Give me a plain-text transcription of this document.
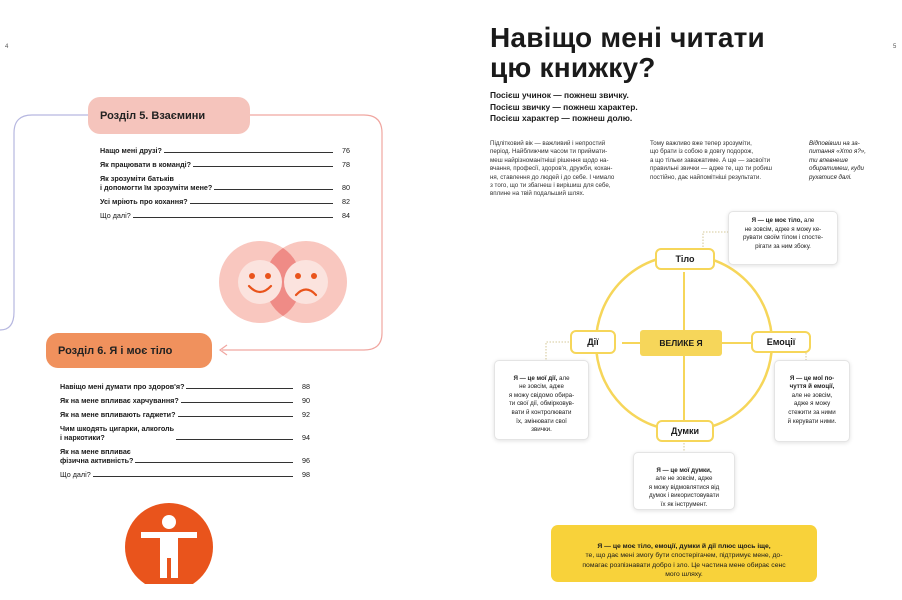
4
Розділ 5. Взаємини
Нащо мені друзі?	76
Як працювати в команді?	78
Як зрозуміти батьків
і допомогти їм зрозуміти мене?	80
Усі мріють про кохання?	82
Що далі?	84
Розділ 6. Я і моє тіло
Навіщо мені думати про здоров'я?	88
Як на мене впливає харчування?	90
Як на мене впливають гаджети?	92
Чим шкодять цигарки, алкоголь
і наркотики?	94
Як на мене впливає
фізична активність?	96
Що далі?	98
5
Навіщо мені читати
цю книжку?
Посієш учинок — пожнеш звичку.
Посієш звичку — пожнеш характер.
Посієш характер — пожнеш долю.
Підлітковий вік — важливий і непростий
період. Найближчим часом ти приймати-
меш найрізноманітніші рішення щодо на-
вчання, професії, здоров'я, дружби, кохан-
ня, ставлення до людей і до себе. І чимало
з того, що ти збагнеш і вирішиш для себе,
вплине на твій подальший шлях.
Тому важливо вже тепер зрозуміти,
що брати із собою в довгу подорож,
а що тільки заважатиме. А ще — засвоїти
правильні звички — адже те, що ти робиш
постійно, дає найпомітніші результати.
Відповівши на за-
питання «Хто я?»,
ти впевнеше
обиратимеш, куди
рухатися далі.
Тіло
Дії	Емоції
Думки
ВЕЛИКЕ Я
Я — це моє тіло, але
не зовсім, адже я можу ке-
рувати своїм тілом і спосте-
рігати за ним збоку.

Я — це мої дії, але
не зовсім, адже
я можу свідомо обира-
ти свої дії, обмірковув-
вати й контролювати
їх, змінювати свої
звички.

Я — це мої по-
чуття й емоції,
але не зовсім,
адже я можу
стежити за ними
й керувати ними.

Я — це мої думки,
але не зовсім, адже
я можу відмовлятися від
думок і використовувати
їх як інструмент.

Я — це моє тіло, емоції, думки й дії плюс щось іще,
те, що дає мені змогу бути спостерігачем, підтримує мене, до-
помагає розпізнавати добро і зло. Це частина мене обирає сенс
мого шляху.
